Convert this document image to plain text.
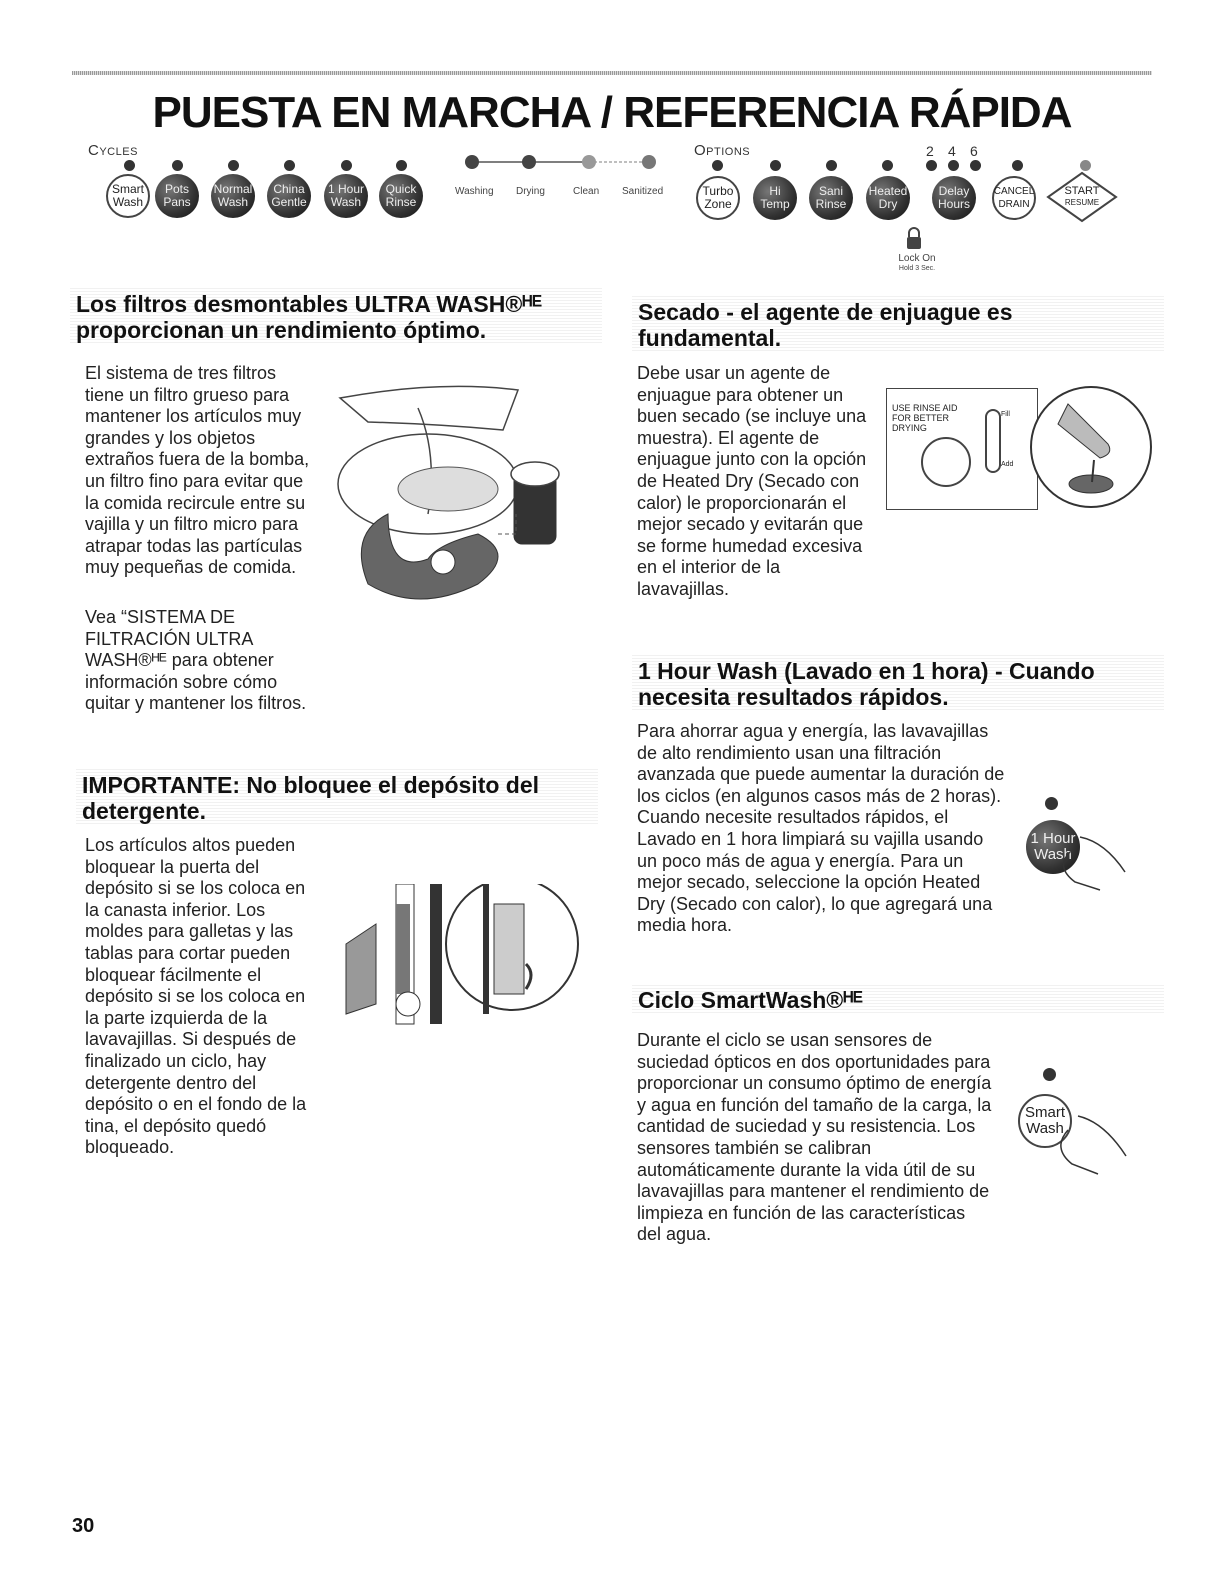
PUESTA EN MARCHA / REFERENCIA RÁPIDA
Cycles	Options
Smart
Wash
Pots
Pans
Normal
Wash
China
Gentle
1 Hour
Wash
Quick
Rinse
Washing Drying	Clean Sanitized
2 4 6
Turbo
Zone
Hi
Temp
Sani
Rinse
Heated
Dry
Delay
Hours
CANCEL
DRAIN
START
RESUME
Lock On
Hold 3 Sec.
Los filtros desmontables ULTRA WASH®ᴴᴱ proporcionan un rendimiento óptimo.

El sistema de tres filtros tiene un filtro grueso para mantener los artículos muy grandes y los objetos extraños fuera de la bomba, un filtro fino para evitar que la comida recircule entre su vajilla y un filtro micro para atrapar todas las partículas muy pequeñas de comida.

Vea “SISTEMA DE FILTRACIÓN ULTRA WASH®ᴴᴱ para obtener información sobre cómo quitar y mantener los filtros.

IMPORTANTE: No bloquee el depósito del detergente.

Los artículos altos pueden bloquear la puerta del depósito si se los coloca en la canasta inferior. Los moldes para galletas y las tablas para cortar pueden bloquear fácilmente el depósito si se los coloca en la parte izquierda de la lavavajillas. Si después de finalizado un ciclo, hay detergente dentro del depósito o en el fondo de la tina, el depósito quedó bloqueado.

Secado - el agente de enjuague es fundamental.

Debe usar un agente de enjuague para obtener un buen secado (se incluye una muestra). El agente de enjuague junto con la opción de Heated Dry (Secado con calor) le proporcionarán el mejor secado y evitarán que se forme humedad excesiva en el interior de la lavavajillas.

USE RINSE AID FOR BETTER DRYING
Fill
Add
1 Hour Wash (Lavado en 1 hora) - Cuando necesita resultados rápidos.

Para ahorrar agua y energía, las lavavajillas de alto rendimiento usan una filtración avanzada que puede aumentar la duración de los ciclos (en algunos casos más de 2 horas). Cuando necesite resultados rápidos, el Lavado en 1 hora limpiará su vajilla usando un poco más de agua y energía. Para un mejor secado, seleccione la opción Heated Dry (Secado con calor), lo que agregará una media hora.

1 Hour
Wash
Ciclo SmartWash®ᴴᴱ

Durante el ciclo se usan sensores de suciedad ópticos en dos oportunidades para proporcionar un consumo óptimo de energía y agua en función del tamaño de la carga, la cantidad de suciedad y su resistencia. Los sensores también se calibran automáticamente durante la vida útil de su lavavajillas para mantener el rendimiento de limpieza en función de las características del agua.

Smart
Wash
30
